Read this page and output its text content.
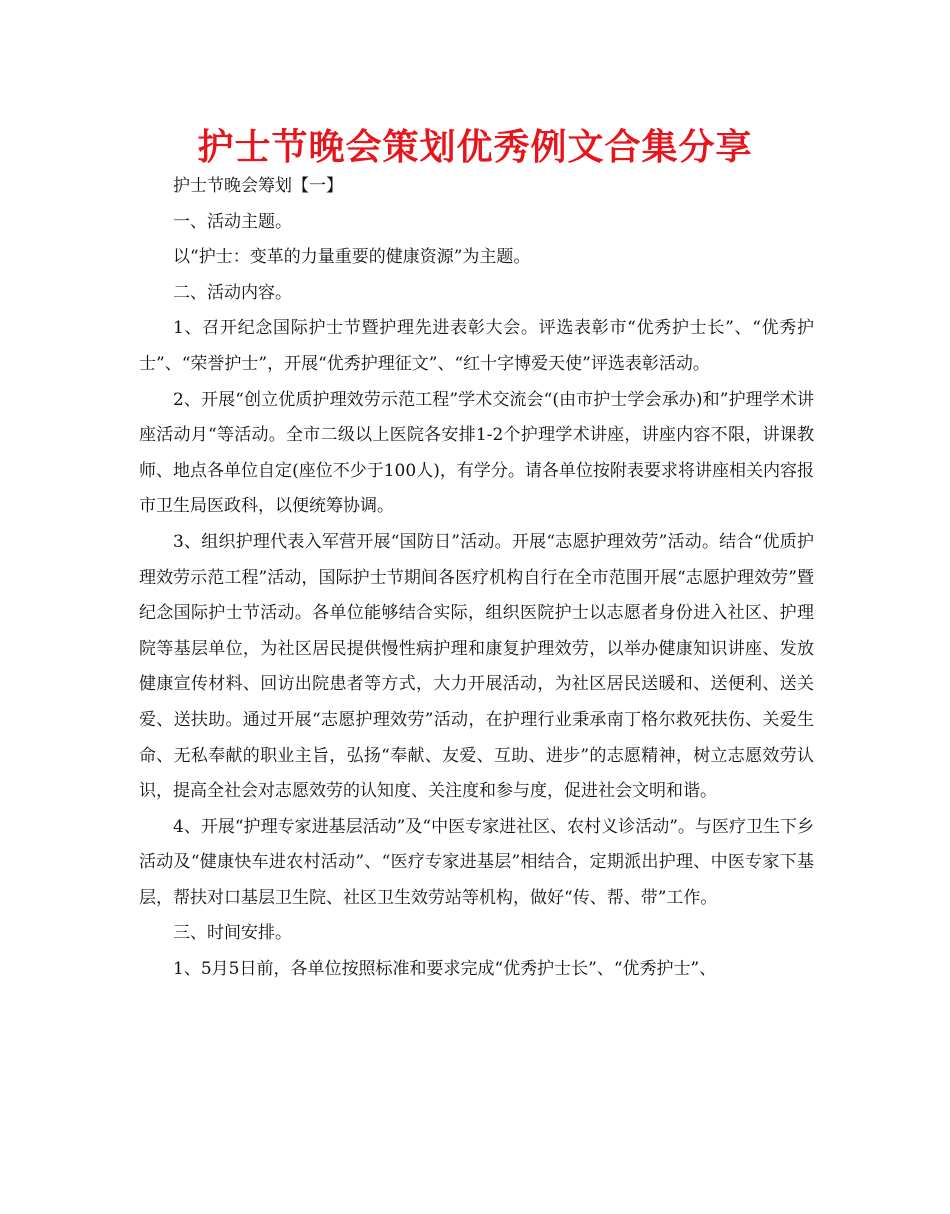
护士节晚会策划优秀例文合集分享

护士节晚会筹划【一】

一、活动主题。

以“护士：变革的力量重要的健康资源”为主题。

二、活动内容。

1、召开纪念国际护士节暨护理先进表彰大会。评选表彰市“优秀护士长”、“优秀护士”、“荣誉护士”，开展“优秀护理征文”、“红十字博爱天使”评选表彰活动。

2、开展“创立优质护理效劳示范工程”学术交流会“(由市护士学会承办)和”护理学术讲座活动月“等活动。全市二级以上医院各安排1-2个护理学术讲座，讲座内容不限，讲课教师、地点各单位自定(座位不少于100人)，有学分。请各单位按附表要求将讲座相关内容报市卫生局医政科，以便统筹协调。

3、组织护理代表入军营开展“国防日”活动。开展“志愿护理效劳”活动。结合“优质护理效劳示范工程”活动，国际护士节期间各医疗机构自行在全市范围开展“志愿护理效劳”暨纪念国际护士节活动。各单位能够结合实际，组织医院护士以志愿者身份进入社区、护理院等基层单位，为社区居民提供慢性病护理和康复护理效劳，以举办健康知识讲座、发放健康宣传材料、回访出院患者等方式，大力开展活动，为社区居民送暖和、送便利、送关爱、送扶助。通过开展“志愿护理效劳”活动，在护理行业秉承南丁格尔救死扶伤、关爱生命、无私奉献的职业主旨，弘扬“奉献、友爱、互助、进步”的志愿精神，树立志愿效劳认识，提高全社会对志愿效劳的认知度、关注度和参与度，促进社会文明和谐。

4、开展“护理专家进基层活动”及“中医专家进社区、农村义诊活动”。与医疗卫生下乡活动及“健康快车进农村活动”、“医疗专家进基层”相结合，定期派出护理、中医专家下基层，帮扶对口基层卫生院、社区卫生效劳站等机构，做好“传、帮、带”工作。

三、时间安排。

1、5月5日前，各单位按照标准和要求完成“优秀护士长”、“优秀护士”、
